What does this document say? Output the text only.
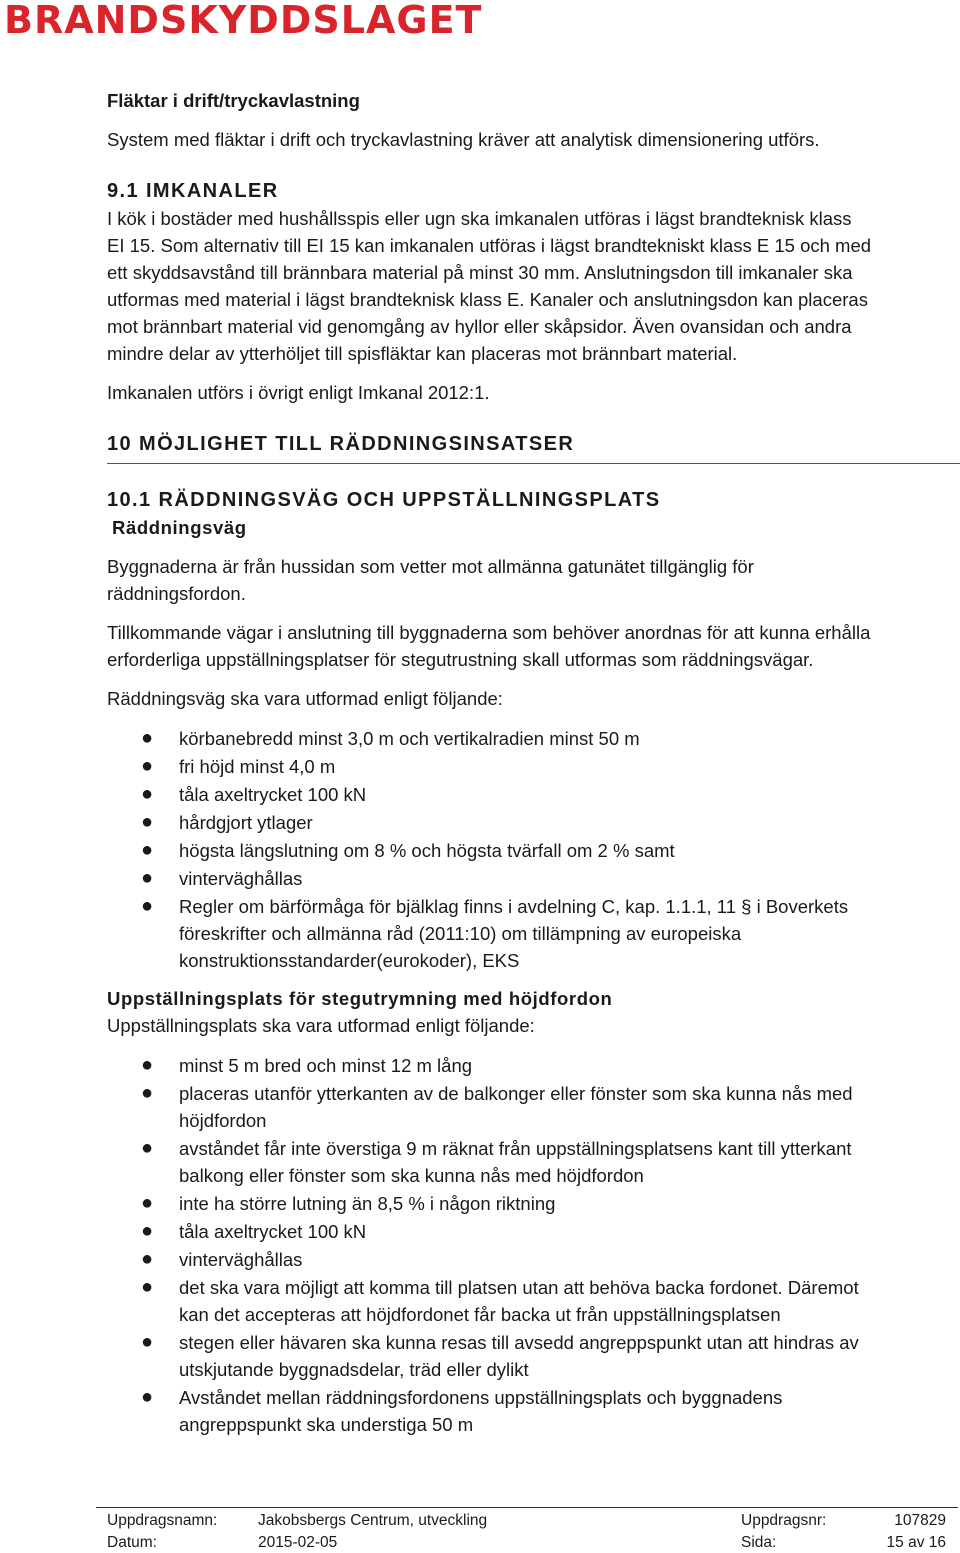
BRANDSKYDDSLAGET
Fläktar i drift/tryckavlastning
System med fläktar i drift och tryckavlastning kräver att analytisk dimensionering utförs.
9.1 IMKANALER
I kök i bostäder med hushållsspis eller ugn ska imkanalen utföras i lägst brandteknisk klass
EI 15. Som alternativ till EI 15 kan imkanalen utföras i lägst brandtekniskt klass E 15 och med
ett skyddsavstånd till brännbara material på minst 30 mm. Anslutningsdon till imkanaler ska
utformas med material i lägst brandteknisk klass E. Kanaler och anslutningsdon kan placeras
mot brännbart material vid genomgång av hyllor eller skåpsidor. Även ovansidan och andra
mindre delar av ytterhöljet till spisfläktar kan placeras mot brännbart material.
Imkanalen utförs i övrigt enligt Imkanal 2012:1.
10 MÖJLIGHET TILL RÄDDNINGSINSATSER
10.1 RÄDDNINGSVÄG OCH UPPSTÄLLNINGSPLATS
Räddningsväg
Byggnaderna är från hussidan som vetter mot allmänna gatunätet tillgänglig för
räddningsfordon.
Tillkommande vägar i anslutning till byggnaderna som behöver anordnas för att kunna erhålla
erforderliga uppställningsplatser för stegutrustning skall utformas som räddningsvägar.
Räddningsväg ska vara utformad enligt följande:
● körbanebredd minst 3,0 m och vertikalradien minst 50 m
● fri höjd minst 4,0 m
● tåla axeltrycket 100 kN
● hårdgjort ytlager
● högsta längslutning om 8 % och högsta tvärfall om 2 % samt
● vinterväghållas
● Regler om bärförmåga för bjälklag finns i avdelning C, kap. 1.1.1, 11 § i Boverkets
föreskrifter och allmänna råd (2011:10) om tillämpning av europeiska
konstruktionsstandarder(eurokoder), EKS
Uppställningsplats för stegutrymning med höjdfordon
Uppställningsplats ska vara utformad enligt följande:
● minst 5 m bred och minst 12 m lång
● placeras utanför ytterkanten av de balkonger eller fönster som ska kunna nås med
höjdfordon
● avståndet får inte överstiga 9 m räknat från uppställningsplatsens kant till ytterkant
balkong eller fönster som ska kunna nås med höjdfordon
● inte ha större lutning än 8,5 % i någon riktning
● tåla axeltrycket 100 kN
● vinterväghållas
● det ska vara möjligt att komma till platsen utan att behöva backa fordonet. Däremot
kan det accepteras att höjdfordonet får backa ut från uppställningsplatsen
● stegen eller hävaren ska kunna resas till avsedd angreppspunkt utan att hindras av
utskjutande byggnadsdelar, träd eller dylikt
● Avståndet mellan räddningsfordonens uppställningsplats och byggnadens
angreppspunkt ska understiga 50 m
Uppdragsnamn:	Jakobsbergs Centrum, utveckling	Uppdragsnr:	107829
Datum:	2015-02-05	Sida:	15 av 16
